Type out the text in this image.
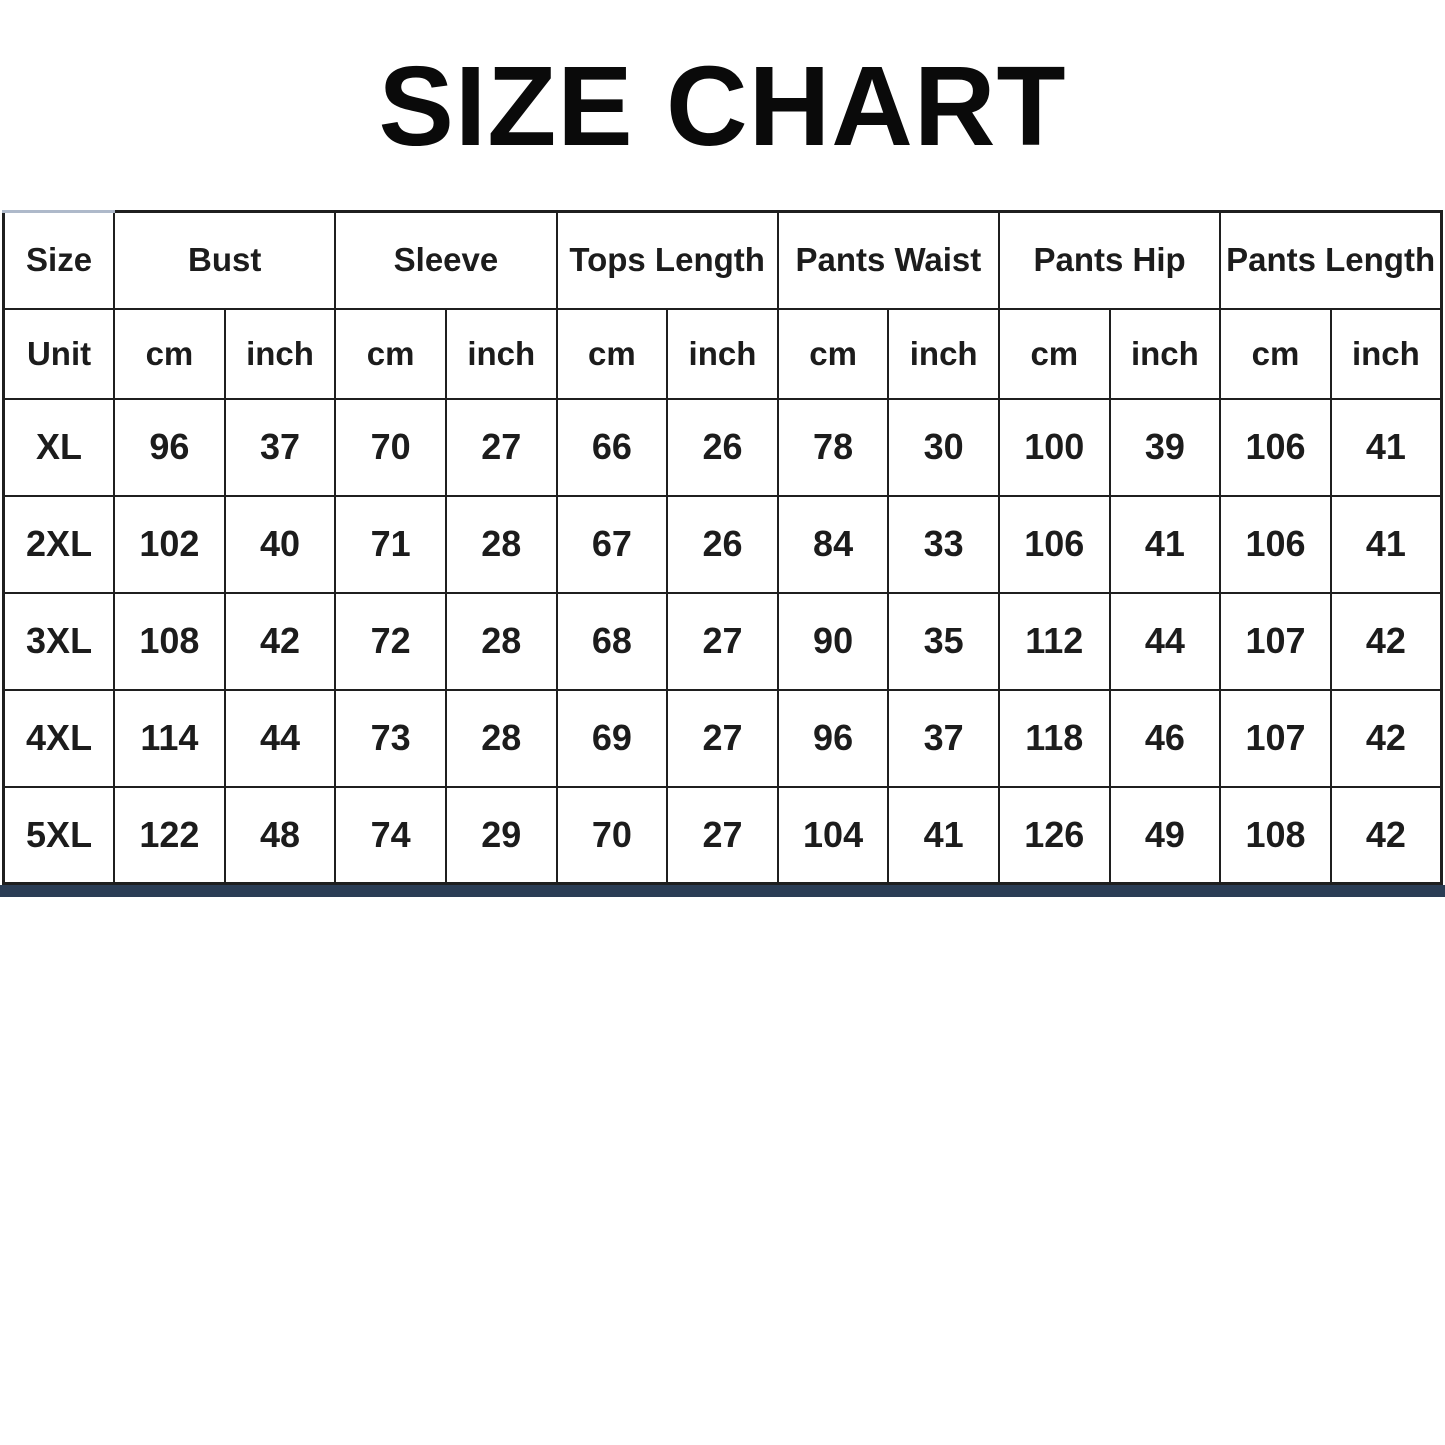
SIZE CHART
Size	Bust		Sleeve		Tops Length		Pants Waist		Pants Hip		Pants Length	
Unit	cm	inch	cm	inch	cm	inch	cm	inch	cm	inch	cm	inch
XL	96	37	70	27	66	26	78	30	100	39	106	41
2XL	102	40	71	28	67	26	84	33	106	41	106	41
3XL	108	42	72	28	68	27	90	35	112	44	107	42
4XL	114	44	73	28	69	27	96	37	118	46	107	42
5XL	122	48	74	29	70	27	104	41	126	49	108	42
